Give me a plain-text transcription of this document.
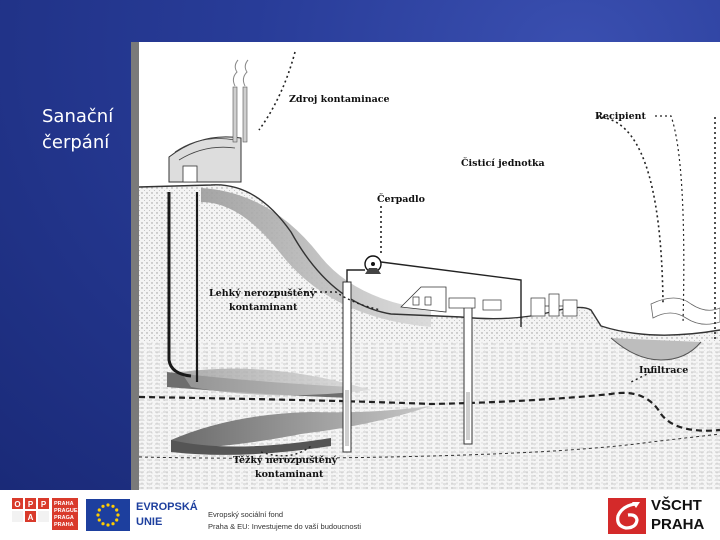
Sanační
čerpání
Zdroj kontaminace
Recipient
Čisticí jednotka
Čerpadlo
Lehký nerozpuštěný
kontaminant
Infiltrace
Těžký nerozpuštěný
kontaminant
O P P
A
PRAHA
PRAGUE
PRAGA
PRAHA
EVROPSKÁ
UNIE
Evropský sociální fond
Praha & EU: Investujeme do vaší budoucnosti
VŠCHT
PRAHA
